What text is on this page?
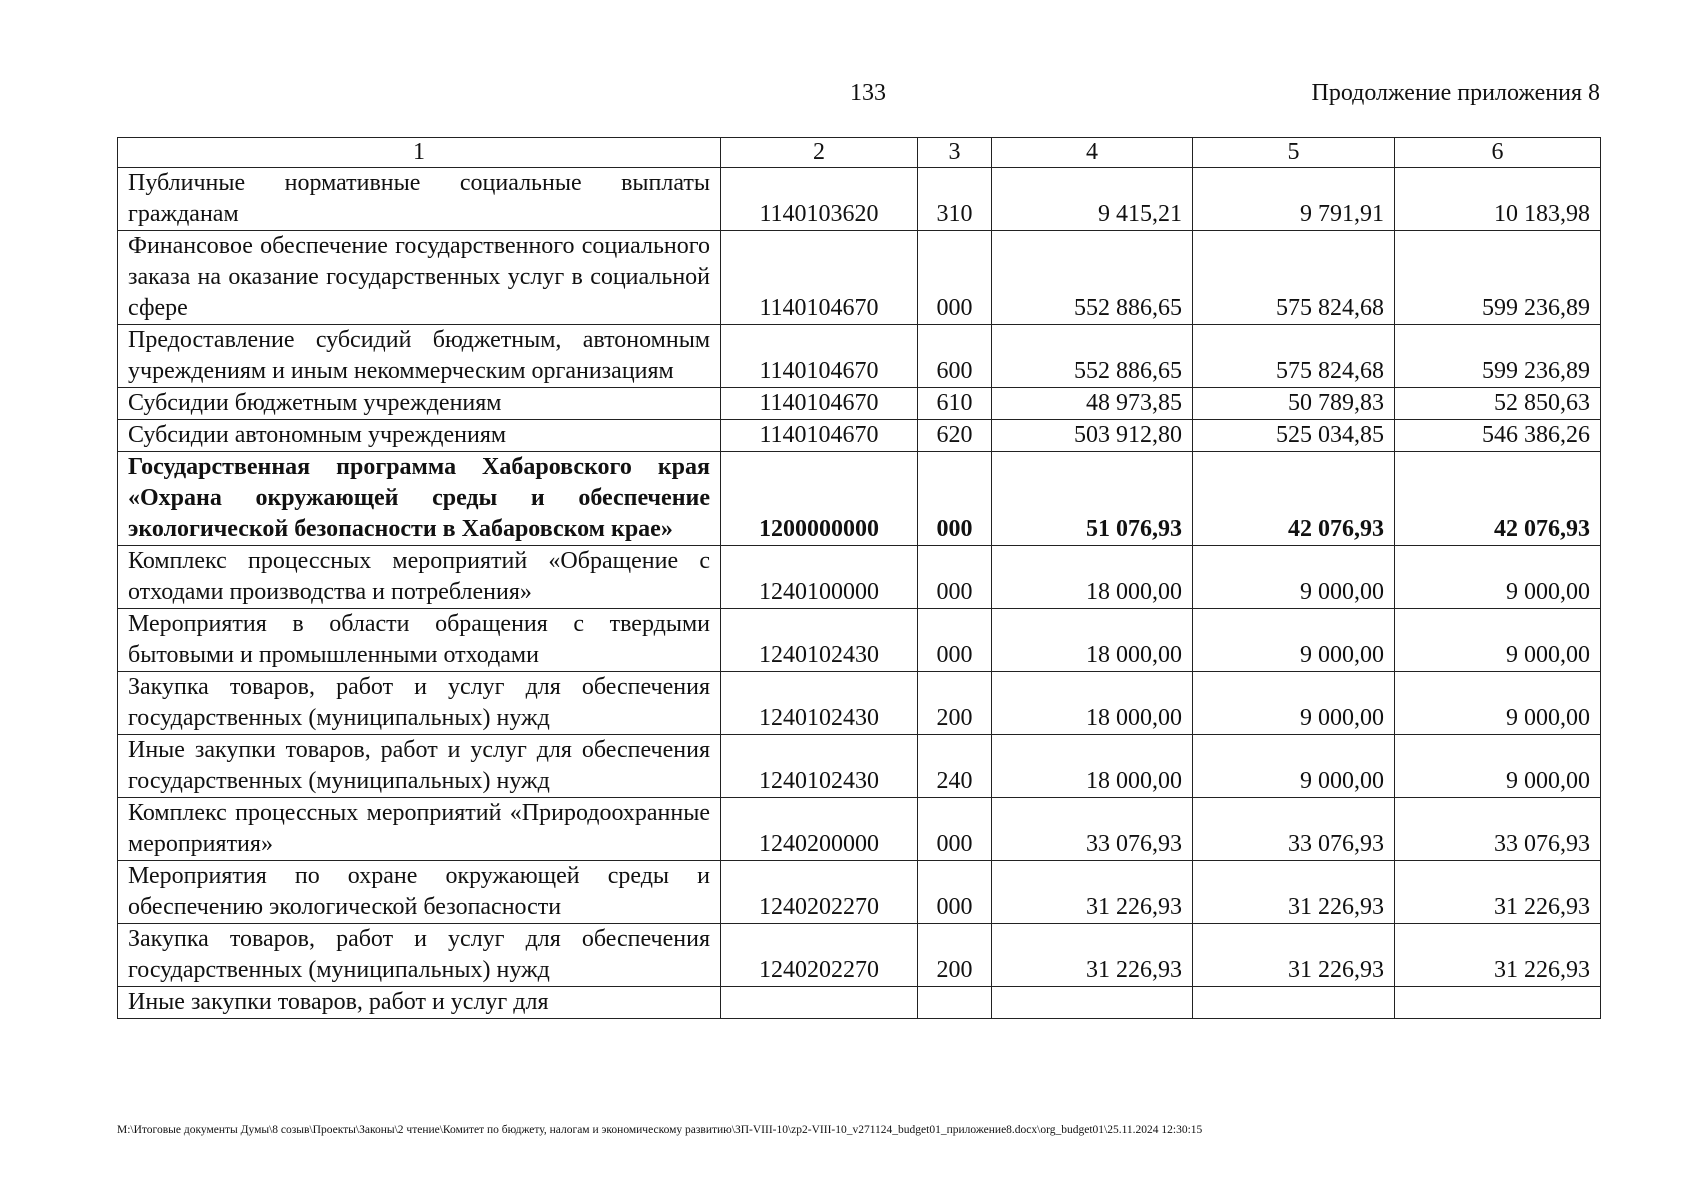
133	Продолжение приложения 8
1	2	3	4	5	6
Публичные нормативные социальные выплаты гражданам	1140103620	310	9 415,21	9 791,91	10 183,98
Финансовое обеспечение государственного социального заказа на оказание государственных услуг в социальной сфере	1140104670	000	552 886,65	575 824,68	599 236,89
Предоставление субсидий бюджетным, автономным учреждениям и иным некоммерческим организациям	1140104670	600	552 886,65	575 824,68	599 236,89
Субсидии бюджетным учреждениям	1140104670	610	48 973,85	50 789,83	52 850,63
Субсидии автономным учреждениям	1140104670	620	503 912,80	525 034,85	546 386,26
Государственная программа Хабаровского края «Охрана окружающей среды и обеспечение экологической безопасности в Хабаровском крае»	1200000000	000	51 076,93	42 076,93	42 076,93
Комплекс процессных мероприятий «Обращение с отходами производства и потребления»	1240100000	000	18 000,00	9 000,00	9 000,00
Мероприятия в области обращения с твердыми бытовыми и промышленными отходами	1240102430	000	18 000,00	9 000,00	9 000,00
Закупка товаров, работ и услуг для обеспечения государственных (муниципальных) нужд	1240102430	200	18 000,00	9 000,00	9 000,00
Иные закупки товаров, работ и услуг для обеспечения государственных (муниципальных) нужд	1240102430	240	18 000,00	9 000,00	9 000,00
Комплекс процессных мероприятий «Природоохранные мероприятия»	1240200000	000	33 076,93	33 076,93	33 076,93
Мероприятия по охране окружающей среды и обеспечению экологической безопасности	1240202270	000	31 226,93	31 226,93	31 226,93
Закупка товаров, работ и услуг для обеспечения государственных (муниципальных) нужд	1240202270	200	31 226,93	31 226,93	31 226,93
Иные закупки товаров, работ и услуг для					
M:\Итоговые документы Думы\8 созыв\Проекты\Законы\2 чтение\Комитет по бюджету, налогам и экономическому развитию\ЗП-VIII-10\zp2-VIII-10_v271124_budget01_приложение8.docx\org_budget01\25.11.2024 12:30:15
